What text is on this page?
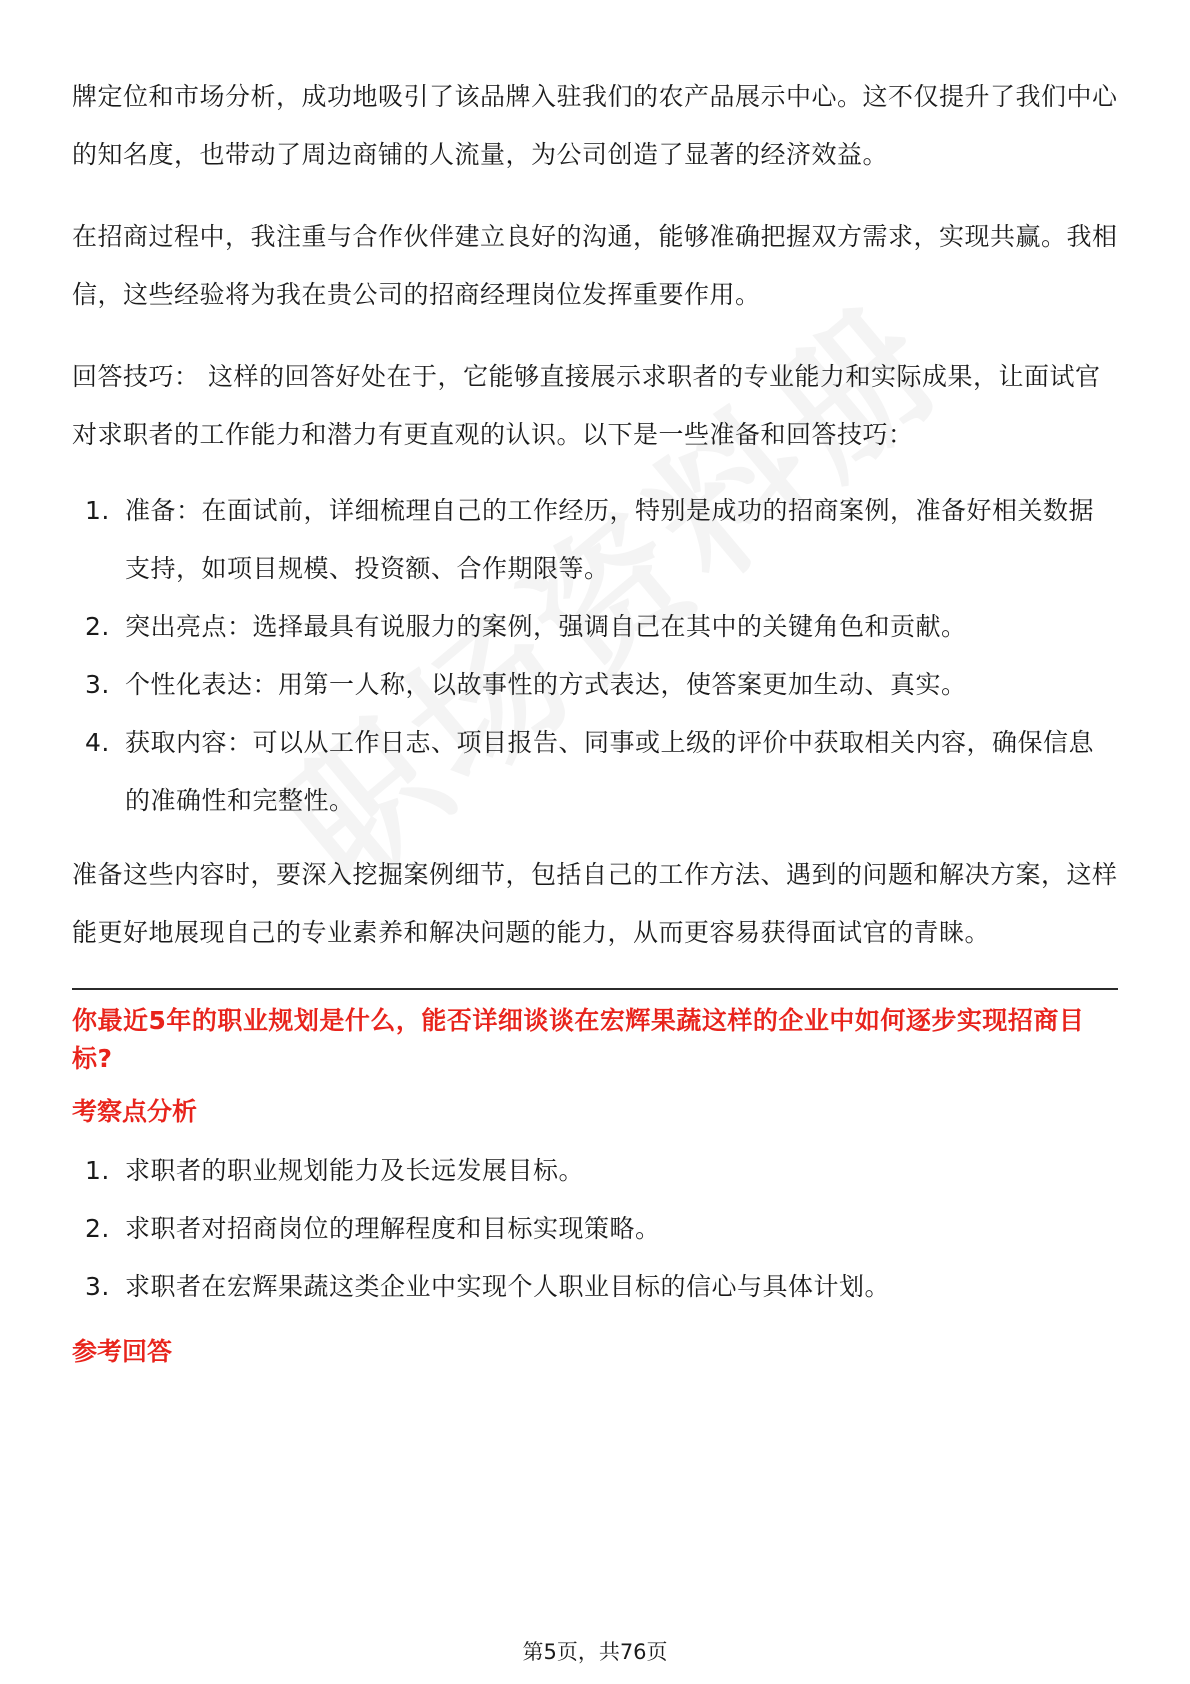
牌定位和市场分析，成功地吸引了该品牌入驻我们的农产品展示中心。这不仅提升了我们中心的知名度，也带动了周边商铺的人流量，为公司创造了显著的经济效益。

在招商过程中，我注重与合作伙伴建立良好的沟通，能够准确把握双方需求，实现共赢。我相信，这些经验将为我在贵公司的招商经理岗位发挥重要作用。

回答技巧： 这样的回答好处在于，它能够直接展示求职者的专业能力和实际成果，让面试官对求职者的工作能力和潜力有更直观的认识。以下是一些准备和回答技巧：

1. 准备：在面试前，详细梳理自己的工作经历，特别是成功的招商案例，准备好相关数据支持，如项目规模、投资额、合作期限等。
2. 突出亮点：选择最具有说服力的案例，强调自己在其中的关键角色和贡献。
3. 个性化表达：用第一人称，以故事性的方式表达，使答案更加生动、真实。
4. 获取内容：可以从工作日志、项目报告、同事或上级的评价中获取相关内容，确保信息的准确性和完整性。

准备这些内容时，要深入挖掘案例细节，包括自己的工作方法、遇到的问题和解决方案，这样能更好地展现自己的专业素养和解决问题的能力，从而更容易获得面试官的青睐。

你最近5年的职业规划是什么，能否详细谈谈在宏辉果蔬这样的企业中如何逐步实现招商目标?
考察点分析
1. 求职者的职业规划能力及长远发展目标。
2. 求职者对招商岗位的理解程度和目标实现策略。
3. 求职者在宏辉果蔬这类企业中实现个人职业目标的信心与具体计划。
参考回答
第5页，共76页
